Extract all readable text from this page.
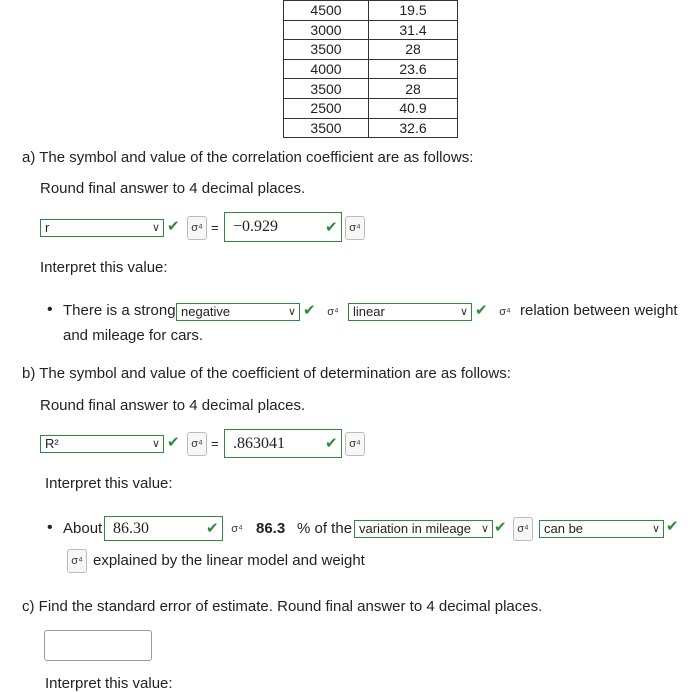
4500	19.5
3000	31.4
3500	28
4000	23.6
3500	28
2500	40.9
3500	32.6
a) The symbol and value of the correlation coefficient are as follows:
Round final answer to 4 decimal places.
r	∨ ✔	σ⁴ = −0.929	✔	σ⁴
Interpret this value:
• There is a strong negative	∨ ✔	σ⁴	linear	∨ ✔	σ⁴ relation between weight
and mileage for cars.
b) The symbol and value of the coefficient of determination are as follows:
Round final answer to 4 decimal places.
R²	∨ ✔	σ⁴ = .863041	✔	σ⁴
Interpret this value:
• About 86.30	✔	σ⁴ 86.3 % of the variation in mileage ∨ ✔ σ⁴	can be	∨ ✔
σ⁴ explained by the linear model and weight
c) Find the standard error of estimate. Round final answer to 4 decimal places.
Interpret this value:
